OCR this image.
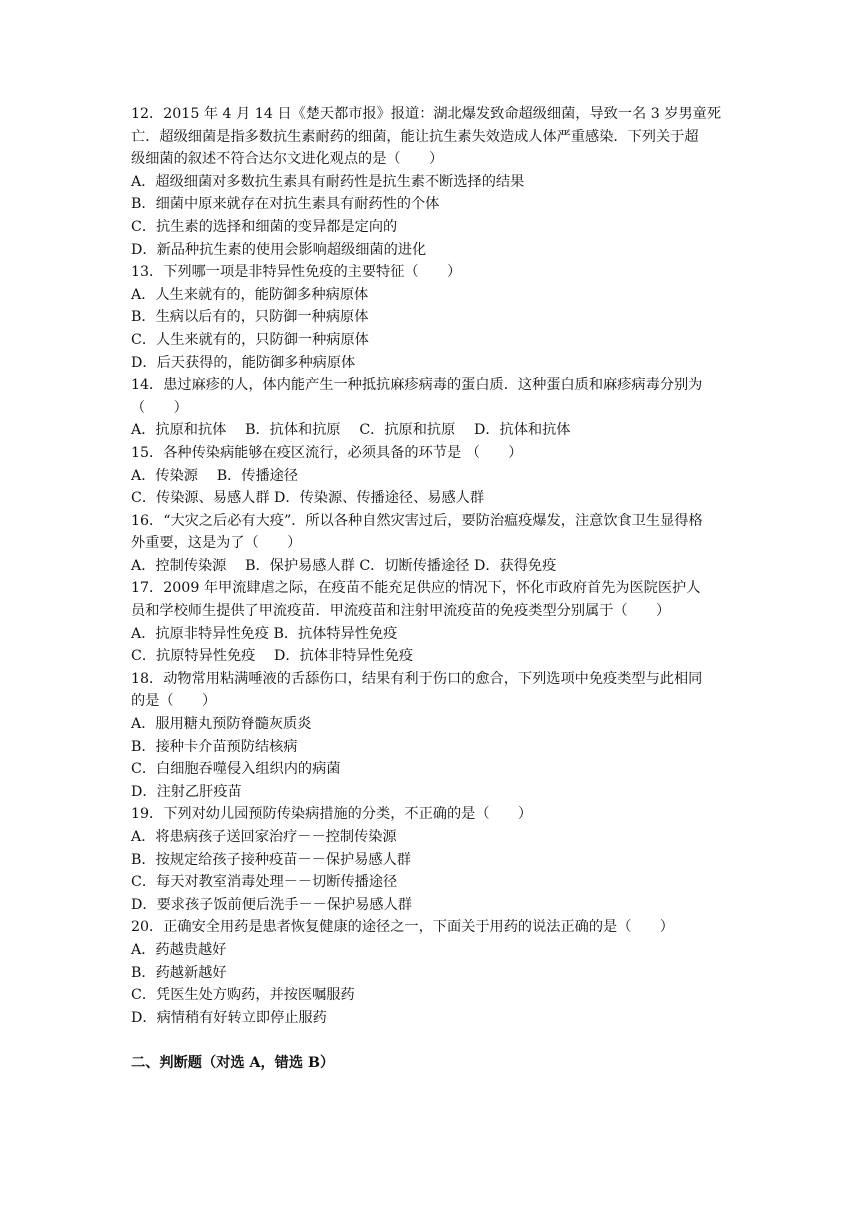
12．2015 年 4 月 14 日《楚天都市报》报道：湖北爆发致命超级细菌，导致一名 3 岁男童死
亡．超级细菌是指多数抗生素耐药的细菌，能让抗生素失效造成人体严重感染．下列关于超
级细菌的叙述不符合达尔文进化观点的是（　　）
A．超级细菌对多数抗生素具有耐药性是抗生素不断选择的结果
B．细菌中原来就存在对抗生素具有耐药性的个体
C．抗生素的选择和细菌的变异都是定向的
D．新品种抗生素的使用会影响超级细菌的进化
13．下列哪一项是非特异性免疫的主要特征（　　）
A．人生来就有的，能防御多种病原体
B．生病以后有的，只防御一种病原体
C．人生来就有的，只防御一种病原体
D．后天获得的，能防御多种病原体
14．患过麻疹的人，体内能产生一种抵抗麻疹病毒的蛋白质．这种蛋白质和麻疹病毒分别为
（　　）
A．抗原和抗体　 B．抗体和抗原　 C．抗原和抗原　 D．抗体和抗体
15．各种传染病能够在疫区流行，必须具备的环节是 （　　）
A．传染源　 B．传播途径
C．传染源、易感人群 D．传染源、传播途径、易感人群
16．“大灾之后必有大疫”．所以各种自然灾害过后，要防治瘟疫爆发，注意饮食卫生显得格
外重要，这是为了（　　）
A．控制传染源　 B．保护易感人群 C．切断传播途径 D．获得免疫
17．2009 年甲流肆虐之际，在疫苗不能充足供应的情况下，怀化市政府首先为医院医护人
员和学校师生提供了甲流疫苗．甲流疫苗和注射甲流疫苗的免疫类型分别属于（　　）
A．抗原非特异性免疫 B．抗体特异性免疫
C．抗原特异性免疫　 D．抗体非特异性免疫
18．动物常用粘满唾液的舌舔伤口，结果有利于伤口的愈合，下列选项中免疫类型与此相同
的是（　　）
A．服用糖丸预防脊髓灰质炎
B．接种卡介苗预防结核病
C．白细胞吞噬侵入组织内的病菌
D．注射乙肝疫苗
19．下列对幼儿园预防传染病措施的分类，不正确的是（　　）
A．将患病孩子送回家治疗－－控制传染源
B．按规定给孩子接种疫苗－－保护易感人群
C．每天对教室消毒处理－－切断传播途径
D．要求孩子饭前便后洗手－－保护易感人群
20．正确安全用药是患者恢复健康的途径之一，下面关于用药的说法正确的是（　　）
A．药越贵越好
B．药越新越好
C．凭医生处方购药，并按医嘱服药
D．病情稍有好转立即停止服药
二、判断题（对选 A，错选 B）
